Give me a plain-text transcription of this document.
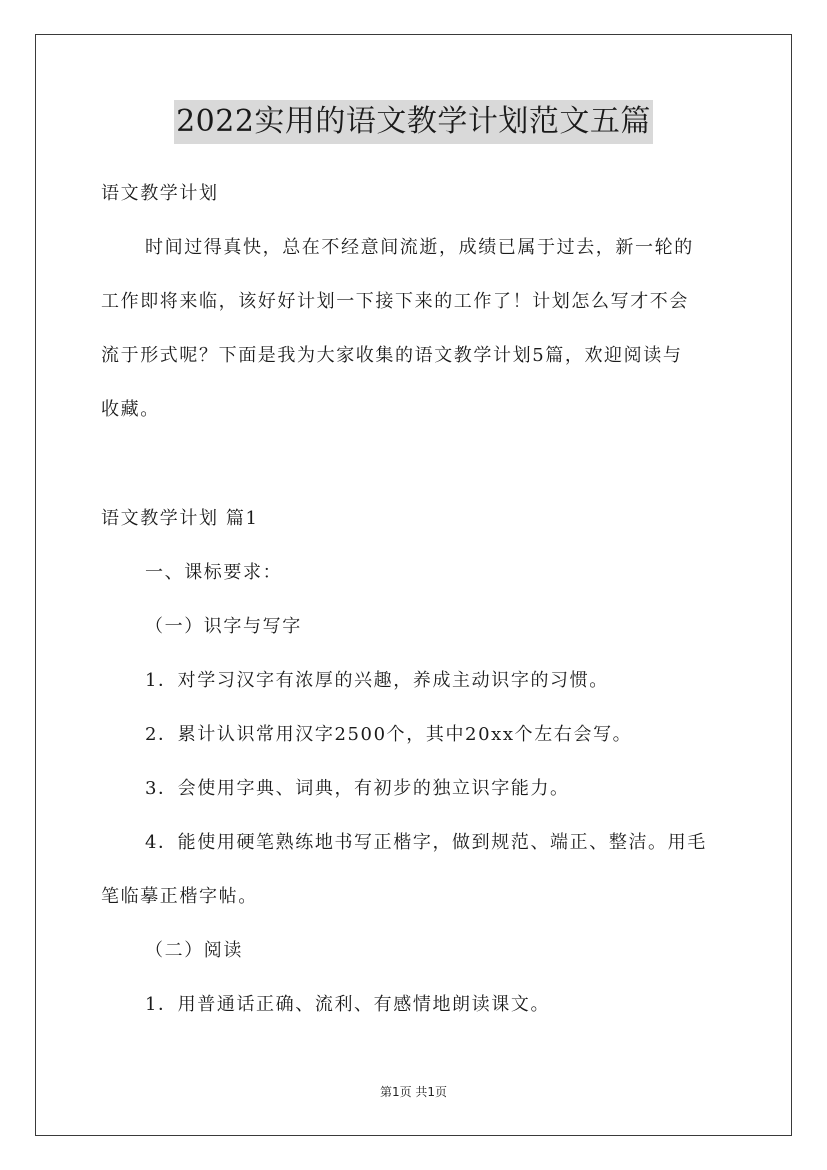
2022实用的语文教学计划范文五篇
语文教学计划
时间过得真快，总在不经意间流逝，成绩已属于过去，新一轮的
工作即将来临，该好好计划一下接下来的工作了！计划怎么写才不会
流于形式呢？下面是我为大家收集的语文教学计划5篇，欢迎阅读与
收藏。
语文教学计划 篇1
一、课标要求：
（一）识字与写字
1．对学习汉字有浓厚的兴趣，养成主动识字的习惯。
2．累计认识常用汉字2500个，其中20xx个左右会写。
3．会使用字典、词典，有初步的独立识字能力。
4．能使用硬笔熟练地书写正楷字，做到规范、端正、整洁。用毛
笔临摹正楷字帖。
（二）阅读
1．用普通话正确、流利、有感情地朗读课文。
第1页 共1页
